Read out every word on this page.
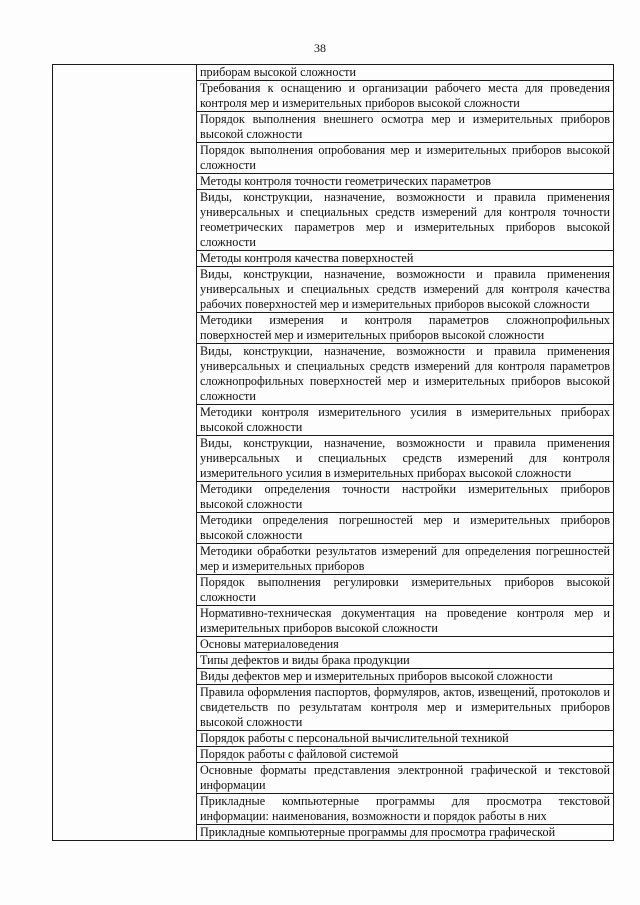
38
	приборам высокой сложности
Требования к оснащению и организации рабочего места для проведения контроля мер и измерительных приборов высокой сложности
Порядок выполнения внешнего осмотра мер и измерительных приборов высокой сложности
Порядок выполнения опробования мер и измерительных приборов высокой сложности
Методы контроля точности геометрических параметров
Виды, конструкции, назначение, возможности и правила применения универсальных и специальных средств измерений для контроля точности геометрических параметров мер и измерительных приборов высокой сложности
Методы контроля качества поверхностей
Виды, конструкции, назначение, возможности и правила применения универсальных и специальных средств измерений для контроля качества рабочих поверхностей мер и измерительных приборов высокой сложности
Методики измерения и контроля параметров сложнопрофильных поверхностей мер и измерительных приборов высокой сложности
Виды, конструкции, назначение, возможности и правила применения универсальных и специальных средств измерений для контроля параметров сложнопрофильных поверхностей мер и измерительных приборов высокой сложности
Методики контроля измерительного усилия в измерительных приборах высокой сложности
Виды, конструкции, назначение, возможности и правила применения универсальных и специальных средств измерений для контроля измерительного усилия в измерительных приборах высокой сложности
Методики определения точности настройки измерительных приборов высокой сложности
Методики определения погрешностей мер и измерительных приборов высокой сложности
Методики обработки результатов измерений для определения погрешностей мер и измерительных приборов
Порядок выполнения регулировки измерительных приборов высокой сложности
Нормативно-техническая документация на проведение контроля мер и измерительных приборов высокой сложности
Основы материаловедения
Типы дефектов и виды брака продукции
Виды дефектов мер и измерительных приборов высокой сложности
Правила оформления паспортов, формуляров, актов, извещений, протоколов и свидетельств по результатам контроля мер и измерительных приборов высокой сложности
Порядок работы с персональной вычислительной техникой
Порядок работы с файловой системой
Основные форматы представления электронной графической и текстовой информации
Прикладные компьютерные программы для просмотра текстовой информации: наименования, возможности и порядок работы в них
Прикладные компьютерные программы для просмотра графической
